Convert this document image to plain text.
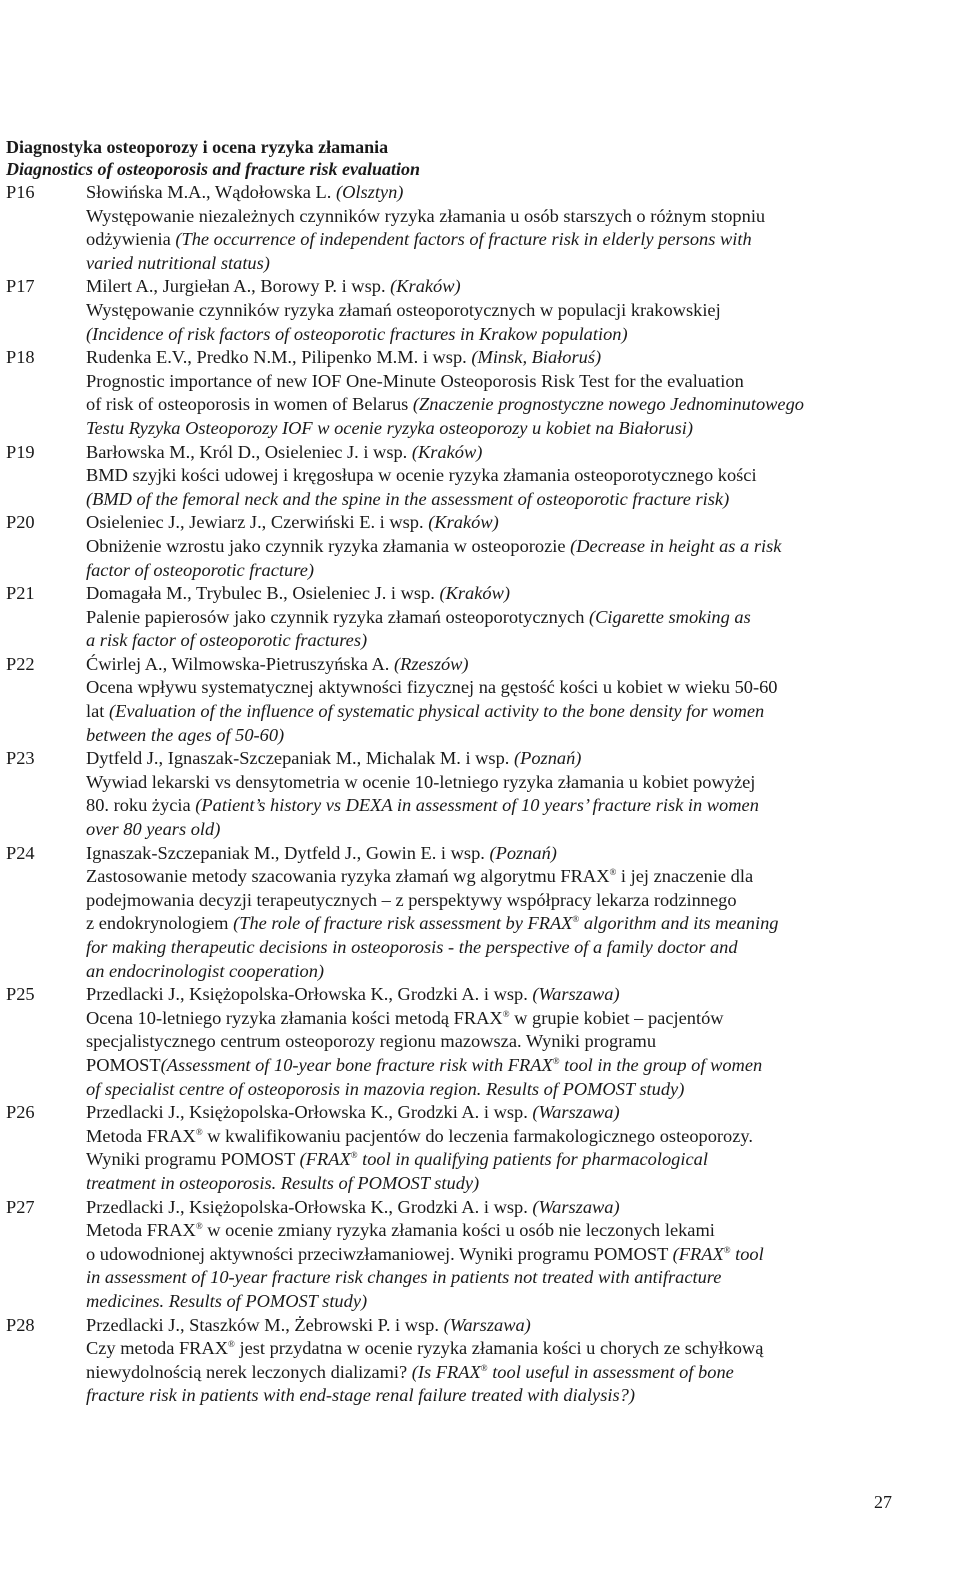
Diagnostyka osteoporozy i ocena ryzyka złamania
Diagnostics of osteoporosis and fracture risk evaluation
P16	Słowińska M.A., Wądołowska L. (Olsztyn)
Występowanie niezależnych czynników ryzyka złamania u osób starszych o różnym stopniu
odżywienia (The occurrence of independent factors of fracture risk in elderly persons with
varied nutritional status)
P17	Milert A., Jurgiełan A., Borowy P. i wsp. (Kraków)
Występowanie czynników ryzyka złamań osteoporotycznych w populacji krakowskiej
(Incidence of risk factors of osteoporotic fractures in Krakow population)
P18	Rudenka E.V., Predko N.M., Pilipenko M.M. i wsp. (Minsk, Białoruś)
Prognostic importance of new IOF One-Minute Osteoporosis Risk Test for the evaluation
of risk of osteoporosis in women of Belarus (Znaczenie prognostyczne nowego Jednominutowego
Testu Ryzyka Osteoporozy IOF w ocenie ryzyka osteoporozy u kobiet na Białorusi)
P19	Barłowska M., Król D., Osieleniec J. i wsp. (Kraków)
BMD szyjki kości udowej i kręgosłupa w ocenie ryzyka złamania osteoporotycznego kości
(BMD of the femoral neck and the spine in the assessment of osteoporotic fracture risk)
P20	Osieleniec J., Jewiarz J., Czerwiński E. i wsp. (Kraków)
Obniżenie wzrostu jako czynnik ryzyka złamania w osteoporozie (Decrease in height as a risk
factor of osteoporotic fracture)
P21	Domagała M., Trybulec B., Osieleniec J. i wsp. (Kraków)
Palenie papierosów jako czynnik ryzyka złamań osteoporotycznych (Cigarette smoking as
a risk factor of osteoporotic fractures)
P22	Ćwirlej A., Wilmowska-Pietruszyńska A. (Rzeszów)
Ocena wpływu systematycznej aktywności fizycznej na gęstość kości u kobiet w wieku 50-60
lat (Evaluation of the influence of systematic physical activity to the bone density for women
between the ages of 50-60)
P23	Dytfeld J., Ignaszak-Szczepaniak M., Michalak M. i wsp. (Poznań)
Wywiad lekarski vs densytometria w ocenie 10-letniego ryzyka złamania u kobiet powyżej
80. roku życia (Patient’s history vs DEXA in assessment of 10 years’ fracture risk in women
over 80 years old)
P24	Ignaszak-Szczepaniak M., Dytfeld J., Gowin E. i wsp. (Poznań)
Zastosowanie metody szacowania ryzyka złamań wg algorytmu FRAX® i jej znaczenie dla
podejmowania decyzji terapeutycznych – z perspektywy współpracy lekarza rodzinnego
z endokrynologiem (The role of fracture risk assessment by FRAX® algorithm and its meaning
for making therapeutic decisions in osteoporosis - the perspective of a family doctor and
an endocrinologist cooperation)
P25	Przedlacki J., Księżopolska-Orłowska K., Grodzki A. i wsp. (Warszawa)
Ocena 10-letniego ryzyka złamania kości metodą FRAX® w grupie kobiet – pacjentów
specjalistycznego centrum osteoporozy regionu mazowsza. Wyniki programu
POMOST(Assessment of 10-year bone fracture risk with FRAX® tool in the group of women
of specialist centre of osteoporosis in mazovia region. Results of POMOST study)
P26	Przedlacki J., Księżopolska-Orłowska K., Grodzki A. i wsp. (Warszawa)
Metoda FRAX® w kwalifikowaniu pacjentów do leczenia farmakologicznego osteoporozy.
Wyniki programu POMOST (FRAX® tool in qualifying patients for pharmacological
treatment in osteoporosis. Results of POMOST study)
P27	Przedlacki J., Księżopolska-Orłowska K., Grodzki A. i wsp. (Warszawa)
Metoda FRAX® w ocenie zmiany ryzyka złamania kości u osób nie leczonych lekami
o udowodnionej aktywności przeciwzłamaniowej. Wyniki programu POMOST (FRAX® tool
in assessment of 10-year fracture risk changes in patients not treated with antifracture
medicines. Results of POMOST study)
P28	Przedlacki J., Staszków M., Żebrowski P. i wsp. (Warszawa)
Czy metoda FRAX® jest przydatna w ocenie ryzyka złamania kości u chorych ze schyłkową
niewydolnością nerek leczonych dializami? (Is FRAX® tool useful in assessment of bone
fracture risk in patients with end-stage renal failure treated with dialysis?)
27
